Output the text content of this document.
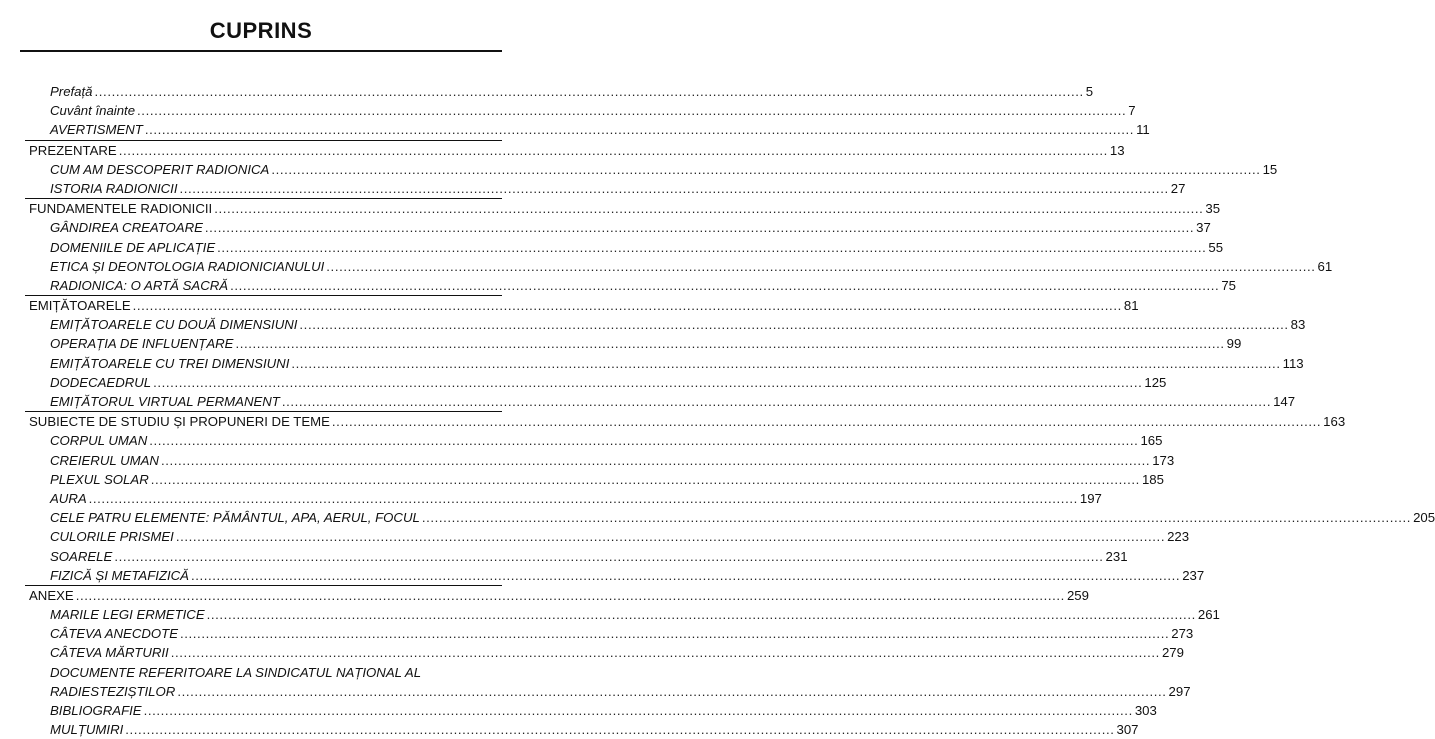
CUPRINS
Prefață .....	5
Cuvânt înainte .....	7
AVERTISMENT .....	11
PREZENTARE .....	13
CUM AM DESCOPERIT RADIONICA .....	15
ISTORIA RADIONICII .....	27
FUNDAMENTELE RADIONICII .....	35
GÂNDIREA CREATOARE .....	37
DOMENIILE DE APLICAȚIE .....	55
ETICA ȘI DEONTOLOGIA RADIONICIANULUI .....	61
RADIONICA: O ARTĂ SACRĂ .....	75
EMIȚĂTOARELE .....	81
EMIȚĂTOARELE CU DOUĂ DIMENSIUNI .....	83
OPERAȚIA DE INFLUENȚARE .....	99
EMIȚĂTOARELE CU TREI DIMENSIUNI .....	113
DODECAEDRUL .....	125
EMIȚĂTORUL VIRTUAL PERMANENT .....	147
SUBIECTE DE STUDIU ȘI PROPUNERI DE TEME .....	163
CORPUL UMAN .....	165
CREIERUL UMAN .....	173
PLEXUL SOLAR .....	185
AURA .....	197
CELE PATRU ELEMENTE: PĂMÂNTUL, APA, AERUL, FOCUL .....	205
CULORILE PRISMEI .....	223
SOARELE .....	231
FIZICĂ ȘI METAFIZICĂ .....	237
ANEXE .....	259
MARILE LEGI ERMETICE .....	261
CÂTEVA ANECDOTE .....	273
CÂTEVA MĂRTURII .....	279
DOCUMENTE REFERITOARE LA SINDICATUL NAȚIONAL AL
RADIESTEZIȘTILOR .....	297
BIBLIOGRAFIE .....	303
MULȚUMIRI .....	307
